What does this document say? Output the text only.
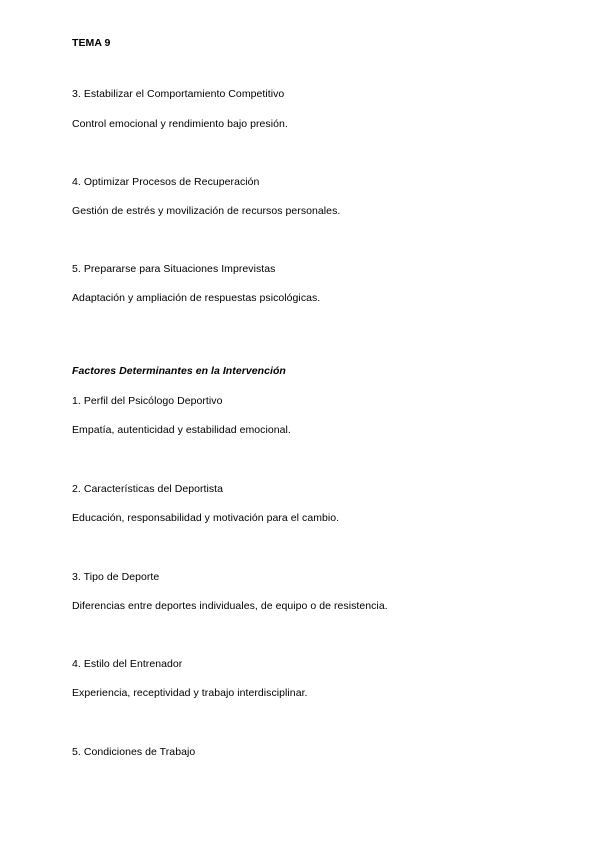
TEMA 9
3. Estabilizar el Comportamiento Competitivo
Control emocional y rendimiento bajo presión.
4. Optimizar Procesos de Recuperación
Gestión de estrés y movilización de recursos personales.
5. Prepararse para Situaciones Imprevistas
Adaptación y ampliación de respuestas psicológicas.
Factores Determinantes en la Intervención
1. Perfil del Psicólogo Deportivo
Empatía, autenticidad y estabilidad emocional.
2. Características del Deportista
Educación, responsabilidad y motivación para el cambio.
3. Tipo de Deporte
Diferencias entre deportes individuales, de equipo o de resistencia.
4. Estilo del Entrenador
Experiencia, receptividad y trabajo interdisciplinar.
5. Condiciones de Trabajo
